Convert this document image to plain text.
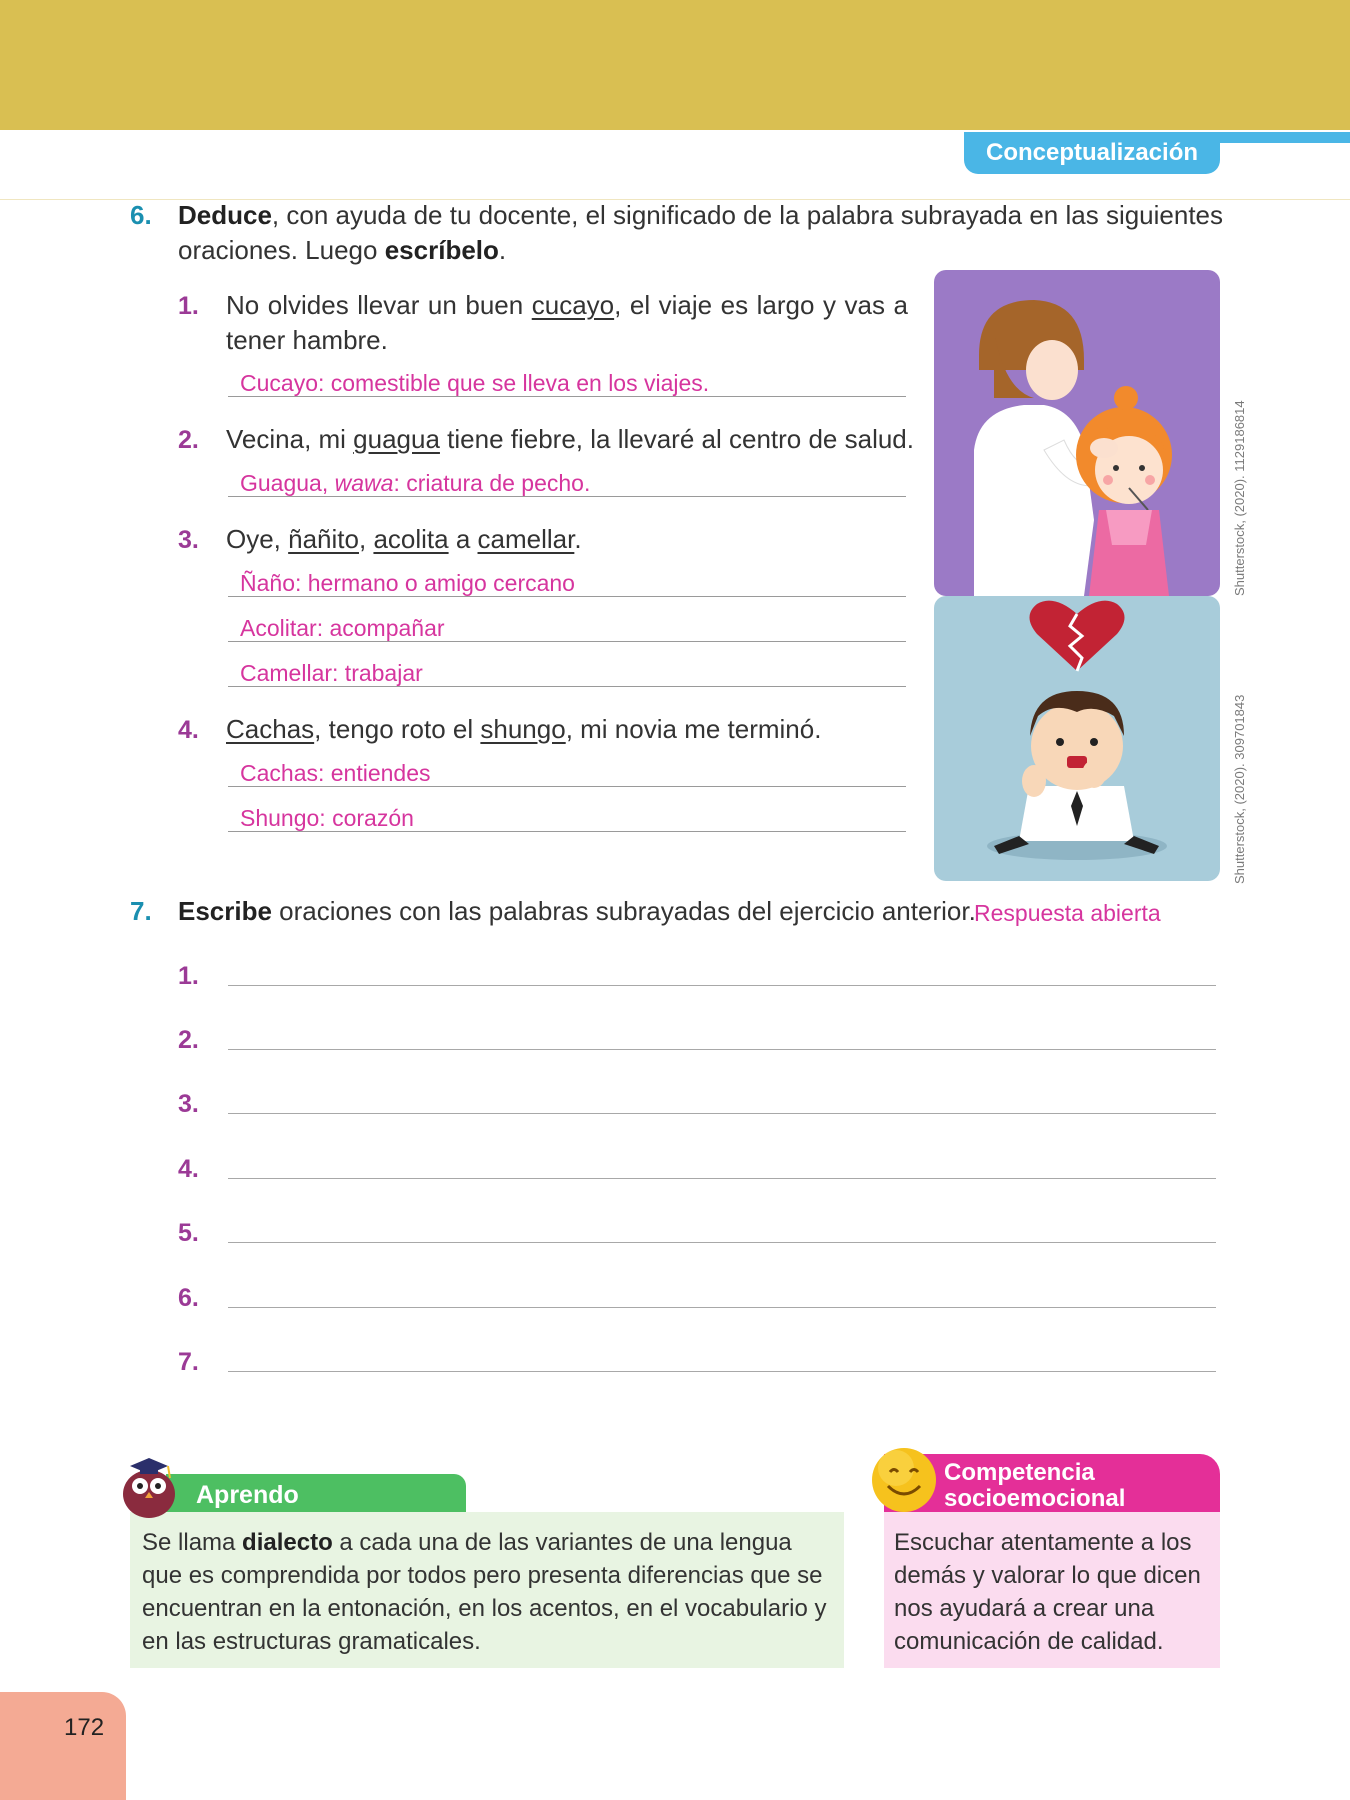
Conceptualización
6. Deduce, con ayuda de tu docente, el significado de la palabra subrayada en las siguientes oraciones. Luego escríbelo.
1. No olvides llevar un buen cucayo, el viaje es largo y vas a tener hambre.
Cucayo: comestible que se lleva en los viajes.
2. Vecina, mi guagua tiene fiebre, la llevaré al centro de salud.
Guagua, wawa: criatura de pecho.
3. Oye, ñañito, acolita a camellar.
Ñaño: hermano o amigo cercano
Acolitar: acompañar
Camellar: trabajar
4. Cachas, tengo roto el shungo, mi novia me terminó.
Cachas: entiendes
Shungo: corazón
Shutterstock, (2020). 1129186814
Shutterstock, (2020). 309701843
7. Escribe oraciones con las palabras subrayadas del ejercicio anterior.
Respuesta abierta
1.
2.
3.
4.
5.
6.
7.
Aprendo
Se llama dialecto a cada una de las variantes de una lengua que es comprendida por todos pero presenta diferencias que se encuentran en la entonación, en los acentos, en el vocabulario y en las estructuras gramaticales.
Competencia
socioemocional
Escuchar atentamente a los demás y valorar lo que dicen nos ayudará a crear una comunicación de calidad.
172
